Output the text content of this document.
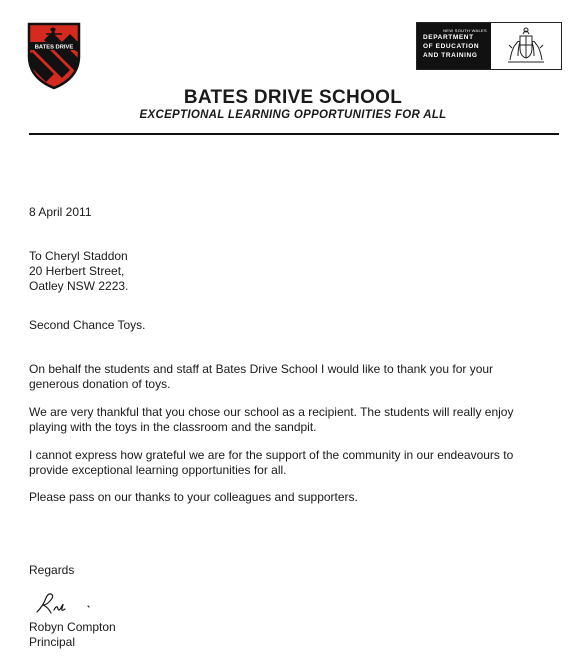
BATES DRIVE
NEW SOUTH WALES
DEPARTMENT
OF EDUCATION
AND TRAINING
BATES DRIVE SCHOOL
EXCEPTIONAL LEARNING OPPORTUNITIES FOR ALL
8 April 2011
To Cheryl Staddon
20 Herbert Street,
Oatley NSW 2223.
Second Chance Toys.
On behalf the students and staff at Bates Drive School I would like to thank you for your
generous donation of toys.
We are very thankful that you chose our school as a recipient. The students will really enjoy
playing with the toys in the classroom and the sandpit.
I cannot express how grateful we are for the support of the community in our endeavours to
provide exceptional learning opportunities for all.
Please pass on our thanks to your colleagues and supporters.
Regards
Robyn Compton
Principal
